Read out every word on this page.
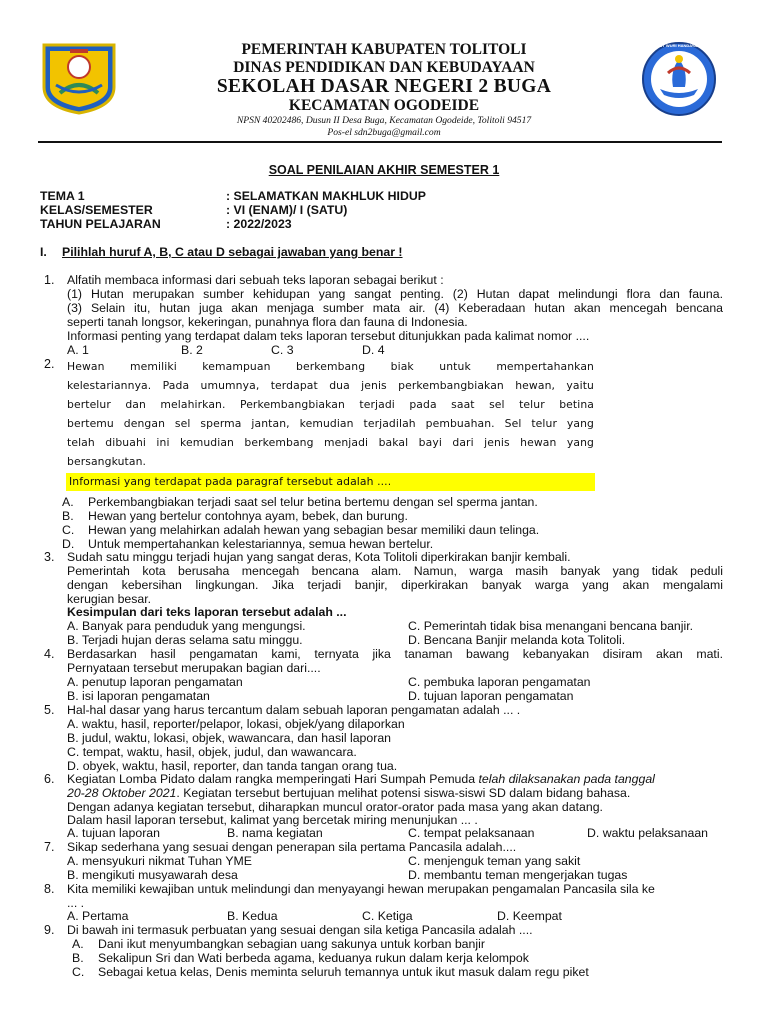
PEMERINTAH KABUPATEN TOLITOLI
DINAS PENDIDIKAN DAN KEBUDAYAAN
SEKOLAH DASAR NEGERI 2 BUGA
KECAMATAN OGODEIDE
NPSN 40202486, Dusun II Desa Buga, Kecamatan Ogodeide, Tolitoli 94517
Pos-el sdn2buga@gmail.com
TUT WURI HANDAYANI
SOAL PENILAIAN AKHIR SEMESTER 1
TEMA 1	: SELAMATKAN MAKHLUK HIDUP
KELAS/SEMESTER	: VI (ENAM)/ I (SATU)
TAHUN PELAJARAN	: 2022/2023
I. Pilihlah huruf A, B, C atau D sebagai jawaban yang benar !
1. Alfatih membaca informasi dari sebuah teks laporan sebagai berikut :
(1) Hutan merupakan sumber kehidupan yang sangat penting. (2) Hutan dapat melindungi flora dan fauna.
(3) Selain itu, hutan juga akan menjaga sumber mata air. (4) Keberadaan hutan akan mencegah bencana
seperti tanah longsor, kekeringan, punahnya flora dan fauna di Indonesia.
Informasi penting yang terdapat dalam teks laporan tersebut ditunjukkan pada kalimat nomor ....
A. 1	B. 2	C. 3	D. 4
2. Hewan memiliki kemampuan berkembang biak untuk mempertahankan
kelestariannya. Pada umumnya, terdapat dua jenis perkembangbiakan hewan, yaitu
bertelur dan melahirkan. Perkembangbiakan terjadi pada saat sel telur betina
bertemu dengan sel sperma jantan, kemudian terjadilah pembuahan. Sel telur yang
telah dibuahi ini kemudian berkembang menjadi bakal bayi dari jenis hewan yang
bersangkutan.
Informasi yang terdapat pada paragraf tersebut adalah ....
A. Perkembangbiakan terjadi saat sel telur betina bertemu dengan sel sperma jantan.
B. Hewan yang bertelur contohnya ayam, bebek, dan burung.
C. Hewan yang melahirkan adalah hewan yang sebagian besar memiliki daun telinga.
D. Untuk mempertahankan kelestariannya, semua hewan bertelur.
3. Sudah satu minggu terjadi hujan yang sangat deras, Kota Tolitoli diperkirakan banjir kembali.
Pemerintah kota berusaha mencegah bencana alam. Namun, warga masih banyak yang tidak peduli
dengan kebersihan lingkungan. Jika terjadi banjir, diperkirakan banyak warga yang akan mengalami
kerugian besar.
Kesimpulan dari teks laporan tersebut adalah ...
A. Banyak para penduduk yang mengungsi.	C. Pemerintah tidak bisa menangani bencana banjir.
B. Terjadi hujan deras selama satu minggu.	D. Bencana Banjir melanda kota Tolitoli.
4. Berdasarkan hasil pengamatan kami, ternyata jika tanaman bawang kebanyakan disiram akan mati.
Pernyataan tersebut merupakan bagian dari....
A. penutup laporan pengamatan	C. pembuka laporan pengamatan
B. isi laporan pengamatan	D. tujuan laporan pengamatan
5. Hal-hal dasar yang harus tercantum dalam sebuah laporan pengamatan adalah ... .
A. waktu, hasil, reporter/pelapor, lokasi, objek/yang dilaporkan
B. judul, waktu, lokasi, objek, wawancara, dan hasil laporan
C. tempat, waktu, hasil, objek, judul, dan wawancara.
D. obyek, waktu, hasil, reporter, dan tanda tangan orang tua.
6. Kegiatan Lomba Pidato dalam rangka memperingati Hari Sumpah Pemuda telah dilaksanakan pada tanggal
20-28 Oktober 2021. Kegiatan tersebut bertujuan melihat potensi siswa-siswi SD dalam bidang bahasa.
Dengan adanya kegiatan tersebut, diharapkan muncul orator-orator pada masa yang akan datang.
Dalam hasil laporan tersebut, kalimat yang bercetak miring menunjukan ... .
A. tujuan laporan	B. nama kegiatan	C. tempat pelaksanaan	D. waktu pelaksanaan
7. Sikap sederhana yang sesuai dengan penerapan sila pertama Pancasila adalah....
A. mensyukuri nikmat Tuhan YME	C. menjenguk teman yang sakit
B. mengikuti musyawarah desa	D. membantu teman mengerjakan tugas
8. Kita memiliki kewajiban untuk melindungi dan menyayangi hewan merupakan pengamalan Pancasila sila ke
... .
A. Pertama	B. Kedua	C. Ketiga	D. Keempat
9. Di bawah ini termasuk perbuatan yang sesuai dengan sila ketiga Pancasila adalah ....
A. Dani ikut menyumbangkan sebagian uang sakunya untuk korban banjir
B. Sekalipun Sri dan Wati berbeda agama, keduanya rukun dalam kerja kelompok
C. Sebagai ketua kelas, Denis meminta seluruh temannya untuk ikut masuk dalam regu piket
